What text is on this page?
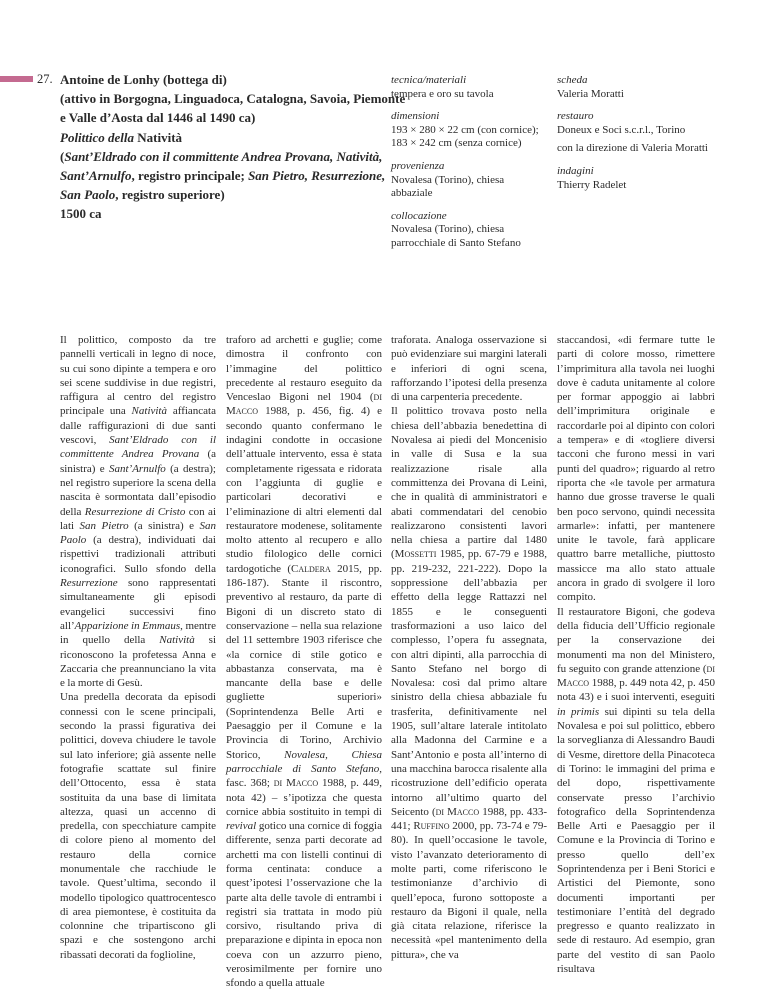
27. Antoine de Lonhy (bottega di)
(attivo in Borgogna, Linguadoca, Catalogna, Savoia, Piemonte
e Valle d’Aosta dal 1446 al 1490 ca)
Polittico della Natività
(Sant’Eldrado con il committente Andrea Provana, Natività,
Sant’Arnulfo, registro principale; San Pietro, Resurrezione,
San Paolo, registro superiore)
1500 ca
tecnica/materiali
tempera e oro su tavola
dimensioni
193 × 280 × 22 cm (con cornice);
183 × 242 cm (senza cornice)
provenienza
Novalesa (Torino), chiesa abbaziale
collocazione
Novalesa (Torino), chiesa
parrocchiale di Santo Stefano
scheda
Valeria Moratti
restauro
Doneux e Soci s.c.r.l., Torino
con la direzione di Valeria Moratti
indagini
Thierry Radelet

Il polittico, composto da tre pannelli verticali in legno di noce, su cui sono dipinte a tempera e oro sei scene suddivise in due registri, raffigura al centro del registro principale una Natività affiancata dalle raffigurazioni di due santi vescovi, Sant’Eldrado con il committente Andrea Provana (a sinistra) e Sant’Arnulfo (a destra); nel registro superiore la scena della nascita è sormontata dall’episodio della Resurrezione di Cristo con ai lati San Pietro (a sinistra) e San Paolo (a destra), individuati dai rispettivi tradizionali attributi iconografici. Sullo sfondo della Resurrezione sono rappresentati simultaneamente gli episodi evangelici successivi fino all’Apparizione in Emmaus, mentre in quello della Natività si riconoscono la profetessa Anna e Zaccaria che preannunciano la vita e la morte di Gesù.

Una predella decorata da episodi connessi con le scene principali, secondo la prassi figurativa dei polittici, doveva chiudere le tavole sul lato inferiore; già assente nelle fotografie scattate sul finire dell’Ottocento, essa è stata sostituita da una base di limitata altezza, quasi un accenno di predella, con specchiature campite di colore pieno al momento del restauro della cornice monumentale che racchiude le tavole. Quest’ultima, secondo il modello tipologico quattrocentesco di area piemontese, è costituita da colonnine che tripartiscono gli spazi e che sostengono archi ribassati decorati da foglioline,

traforo ad archetti e guglie; come dimostra il confronto con l’immagine del polittico precedente al restauro eseguito da Venceslao Bigoni nel 1904 (di Macco 1988, p. 456, fig. 4) e secondo quanto confermano le indagini condotte in occasione dell’attuale intervento, essa è stata completamente rigessata e ridorata con l’aggiunta di guglie e particolari decorativi e l’eliminazione di altri elementi dal restauratore modenese, solitamente molto attento al recupero e allo studio filologico delle cornici tardogotiche (Caldera 2015, pp. 186-187). Stante il riscontro, preventivo al restauro, da parte di Bigoni di un discreto stato di conservazione – nella sua relazione del 11 settembre 1903 riferisce che «la cornice di stile gotico e abbastanza conservata, ma è mancante della base e delle gugliette superiori» (Soprintendenza Belle Arti e Paesaggio per il Comune e la Provincia di Torino, Archivio Storico, Novalesa, Chiesa parrocchiale di Santo Stefano, fasc. 368; di Macco 1988, p. 449, nota 42) – s’ipotizza che questa cornice abbia sostituito in tempi di revival gotico una cornice di foggia differente, senza parti decorate ad archetti ma con listelli continui di forma centinata: conduce a quest’ipotesi l’osservazione che la parte alta delle tavole di entrambi i registri sia trattata in modo più corsivo, risultando priva di preparazione e dipinta in epoca non coeva con un azzurro pieno, verosimilmente per fornire uno sfondo a quella attuale

traforata. Analoga osservazione si può evidenziare sui margini laterali e inferiori di ogni scena, rafforzando l’ipotesi della presenza di una carpenteria precedente.

Il polittico trovava posto nella chiesa dell’abbazia benedettina di Novalesa ai piedi del Moncenisio in valle di Susa e la sua realizzazione risale alla committenza dei Provana di Leinì, che in qualità di amministratori e abati commendatari del cenobio realizzarono consistenti lavori nella chiesa a partire dal 1480 (Mossetti 1985, pp. 67-79 e 1988, pp. 219-232, 221-222). Dopo la soppressione dell’abbazia per effetto della legge Rattazzi nel 1855 e le conseguenti trasformazioni a uso laico del complesso, l’opera fu assegnata, con altri dipinti, alla parrocchia di Santo Stefano nel borgo di Novalesa: così dal primo altare sinistro della chiesa abbaziale fu trasferita, definitivamente nel 1905, sull’altare laterale intitolato alla Madonna del Carmine e a Sant’Antonio e posta all’interno di una macchina barocca risalente alla ricostruzione dell’edificio operata intorno all’ultimo quarto del Seicento (di Macco 1988, pp. 433-441; Ruffino 2000, pp. 73-74 e 79-80). In quell’occasione le tavole, visto l’avanzato deterioramento di molte parti, come riferiscono le testimonianze d’archivio di quell’epoca, furono sottoposte a restauro da Bigoni il quale, nella già citata relazione, riferisce la necessità «pel mantenimento della pittura», che va

staccandosi, «di fermare tutte le parti di colore mosso, rimettere l’imprimitura alla tavola nei luoghi dove è caduta unitamente al colore per formar appoggio ai labbri dell’imprimitura originale e raccordarle poi al dipinto con colori a tempera» e di «togliere diversi tacconi che furono messi in vari punti del quadro»; riguardo al retro riporta che «le tavole per armatura hanno due grosse traverse le quali ben poco servono, quindi necessita armarle»: infatti, per mantenere unite le tavole, farà applicare quattro barre metalliche, piuttosto massicce ma allo stato attuale ancora in grado di svolgere il loro compito.

Il restauratore Bigoni, che godeva della fiducia dell’Ufficio regionale per la conservazione dei monumenti ma non del Ministero, fu seguito con grande attenzione (di Macco 1988, p. 449 nota 42, p. 450 nota 43) e i suoi interventi, eseguiti in primis sui dipinti su tela della Novalesa e poi sul polittico, ebbero la sorveglianza di Alessandro Baudi di Vesme, direttore della Pinacoteca di Torino: le immagini del prima e del dopo, rispettivamente conservate presso l’archivio fotografico della Soprintendenza Belle Arti e Paesaggio per il Comune e la Provincia di Torino e presso quello dell’ex Soprintendenza per i Beni Storici e Artistici del Piemonte, sono documenti importanti per testimoniare l’entità del degrado pregresso e quanto realizzato in sede di restauro. Ad esempio, gran parte del vestito di san Paolo risultava
